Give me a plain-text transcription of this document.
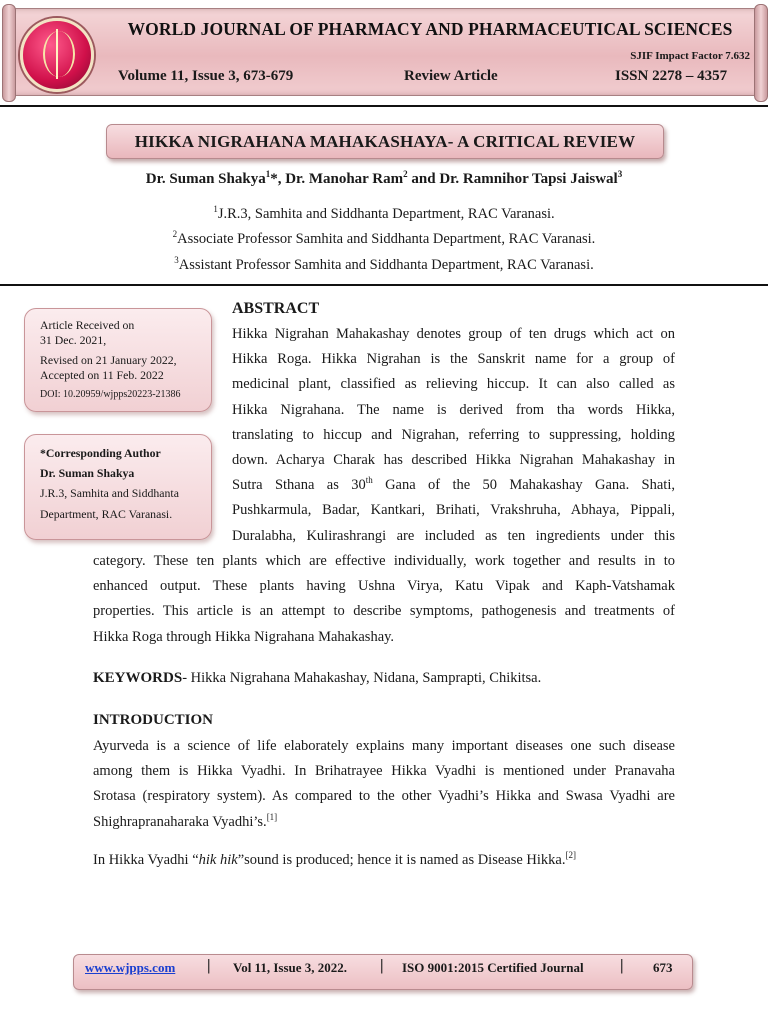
WORLD JOURNAL OF PHARMACY AND PHARMACEUTICAL SCIENCES
SJIF Impact Factor 7.632
Volume 11, Issue 3, 673-679	Review Article	ISSN 2278 – 4357
HIKKA NIGRAHANA MAHAKASHAYA- A CRITICAL REVIEW
Dr. Suman Shakya$^1$*, Dr. Manohar Ram$^2$ and Dr. Ramnihor Tapsi Jaiswal$^3$
$^1$J.R.3, Samhita and Siddhanta Department, RAC Varanasi.
$^2$Associate Professor Samhita and Siddhanta Department, RAC Varanasi.
$^3$Assistant Professor Samhita and Siddhanta Department, RAC Varanasi.
Article Received on
31 Dec. 2021,
Revised on 21 January 2022,
Accepted on 11 Feb. 2022
DOI: 10.20959/wjpps20223-21386
*Corresponding Author
Dr. Suman Shakya
J.R.3, Samhita and Siddhanta
Department, RAC Varanasi.
ABSTRACT
Hikka Nigrahan Mahakashay denotes group of ten drugs which act on
Hikka Roga. Hikka Nigrahan is the Sanskrit name for a group of
medicinal plant, classified as relieving hiccup. It can also called as
Hikka Nigrahana. The name is derived from tha words Hikka,
translating to hiccup and Nigrahan, referring to suppressing, holding
down. Acharya Charak has described Hikka Nigrahan Mahakashay in
Sutra Sthana as 30th Gana of the 50 Mahakashay Gana. Shati,
Pushkarmula, Badar, Kantkari, Brihati, Vrakshruha, Abhaya, Pippali,
Duralabha, Kulirashrangi are included as ten ingredients under this
category. These ten plants which are effective individually, work together and results in to
enhanced output. These plants having Ushna Virya, Katu Vipak and Kaph-Vatshamak
properties. This article is an attempt to describe symptoms, pathogenesis and treatments of
Hikka Roga through Hikka Nigrahana Mahakashay.
KEYWORDS- Hikka Nigrahana Mahakashay, Nidana, Samprapti, Chikitsa.
INTRODUCTION
Ayurveda is a science of life elaborately explains many important diseases one such disease
among them is Hikka Vyadhi. In Brihatrayee Hikka Vyadhi is mentioned under Pranavaha
Srotasa (respiratory system). As compared to the other Vyadhi’s Hikka and Swasa Vyadhi are
Shighrapranaharaka Vyadhi’s.[1]
In Hikka Vyadhi “hik hik”sound is produced; hence it is named as Disease Hikka.[2]
www.wjpps.com | Vol 11, Issue 3, 2022. | ISO 9001:2015 Certified Journal | 673
